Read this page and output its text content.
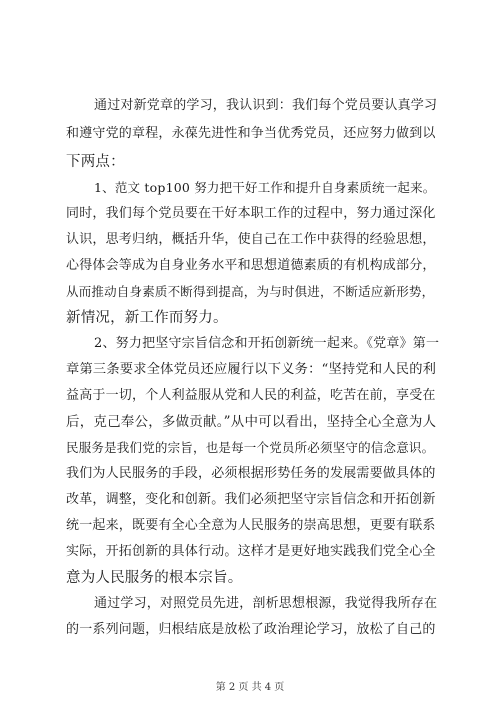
通过对新党章的学习，我认识到：我们每个党员要认真学习
和遵守党的章程，永葆先进性和争当优秀党员，还应努力做到以
下两点：
1、范文 top100 努力把干好工作和提升自身素质统一起来。
同时，我们每个党员要在干好本职工作的过程中，努力通过深化
认识，思考归纳，概括升华，使自己在工作中获得的经验思想，
心得体会等成为自身业务水平和思想道德素质的有机构成部分，
从而推动自身素质不断得到提高，为与时俱进，不断适应新形势，
新情况，新工作而努力。
2、努力把坚守宗旨信念和开拓创新统一起来。《党章》第一
章第三条要求全体党员还应履行以下义务：“坚持党和人民的利
益高于一切，个人利益服从党和人民的利益，吃苦在前，享受在
后，克己奉公，多做贡献。”从中可以看出，坚持全心全意为人
民服务是我们党的宗旨，也是每一个党员所必须坚守的信念意识。
我们为人民服务的手段，必须根据形势任务的发展需要做具体的
改革，调整，变化和创新。我们必须把坚守宗旨信念和开拓创新
统一起来，既要有全心全意为人民服务的崇高思想，更要有联系
实际，开拓创新的具体行动。这样才是更好地实践我们党全心全
意为人民服务的根本宗旨。
通过学习，对照党员先进，剖析思想根源，我觉得我所存在
的一系列问题，归根结底是放松了政治理论学习，放松了自己的
第 2 页 共 4 页
